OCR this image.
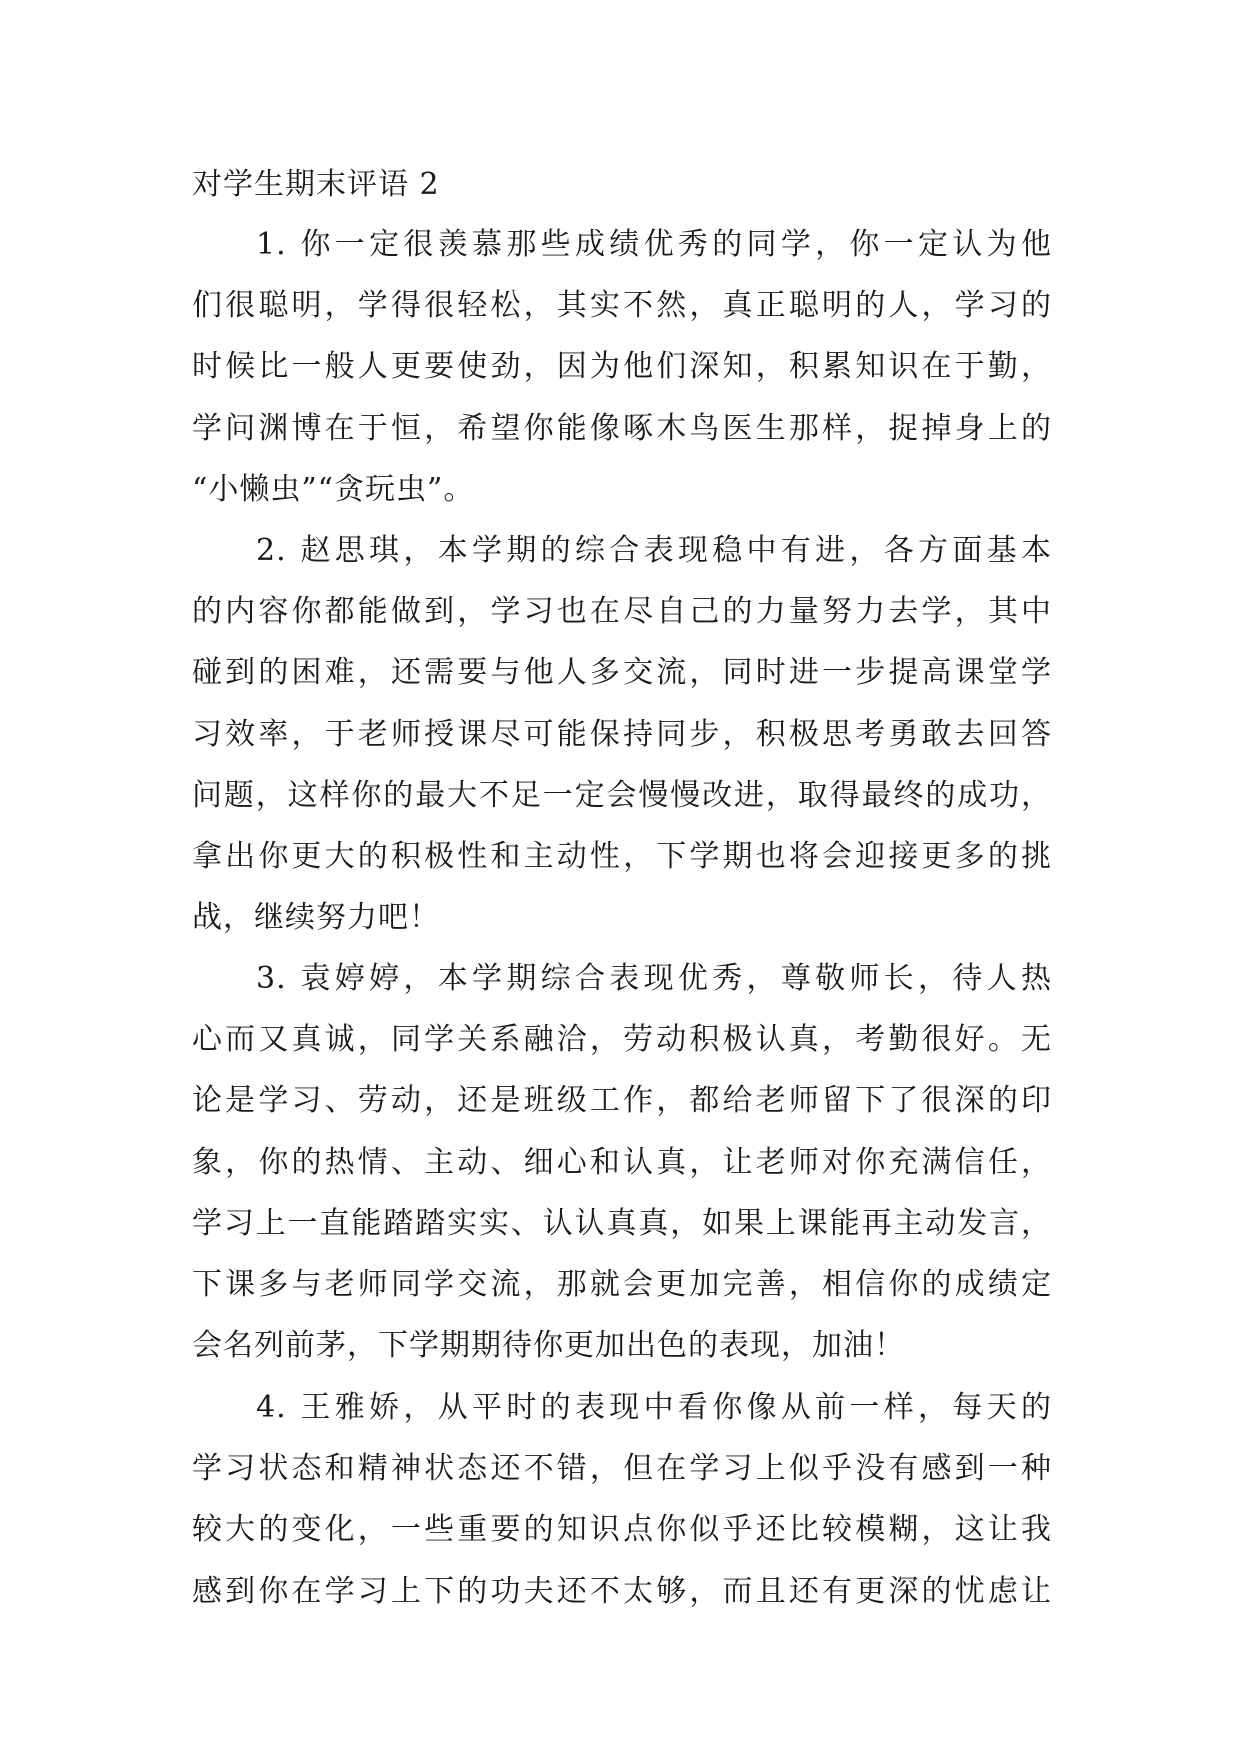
对学生期末评语 2
1. 你一定很羡慕那些成绩优秀的同学，你一定认为他
们很聪明，学得很轻松，其实不然，真正聪明的人，学习的
时候比一般人更要使劲，因为他们深知，积累知识在于勤，
学问渊博在于恒，希望你能像啄木鸟医生那样，捉掉身上的
“小懒虫”“贪玩虫”。
2. 赵思琪，本学期的综合表现稳中有进，各方面基本
的内容你都能做到，学习也在尽自己的力量努力去学，其中
碰到的困难，还需要与他人多交流，同时进一步提高课堂学
习效率，于老师授课尽可能保持同步，积极思考勇敢去回答
问题，这样你的最大不足一定会慢慢改进，取得最终的成功，
拿出你更大的积极性和主动性，下学期也将会迎接更多的挑
战，继续努力吧！
3. 袁婷婷，本学期综合表现优秀，尊敬师长，待人热
心而又真诚，同学关系融洽，劳动积极认真，考勤很好。无
论是学习、劳动，还是班级工作，都给老师留下了很深的印
象，你的热情、主动、细心和认真，让老师对你充满信任，
学习上一直能踏踏实实、认认真真，如果上课能再主动发言，
下课多与老师同学交流，那就会更加完善，相信你的成绩定
会名列前茅，下学期期待你更加出色的表现，加油！
4. 王雅娇，从平时的表现中看你像从前一样，每天的
学习状态和精神状态还不错，但在学习上似乎没有感到一种
较大的变化，一些重要的知识点你似乎还比较模糊，这让我
感到你在学习上下的功夫还不太够，而且还有更深的忧虑让
